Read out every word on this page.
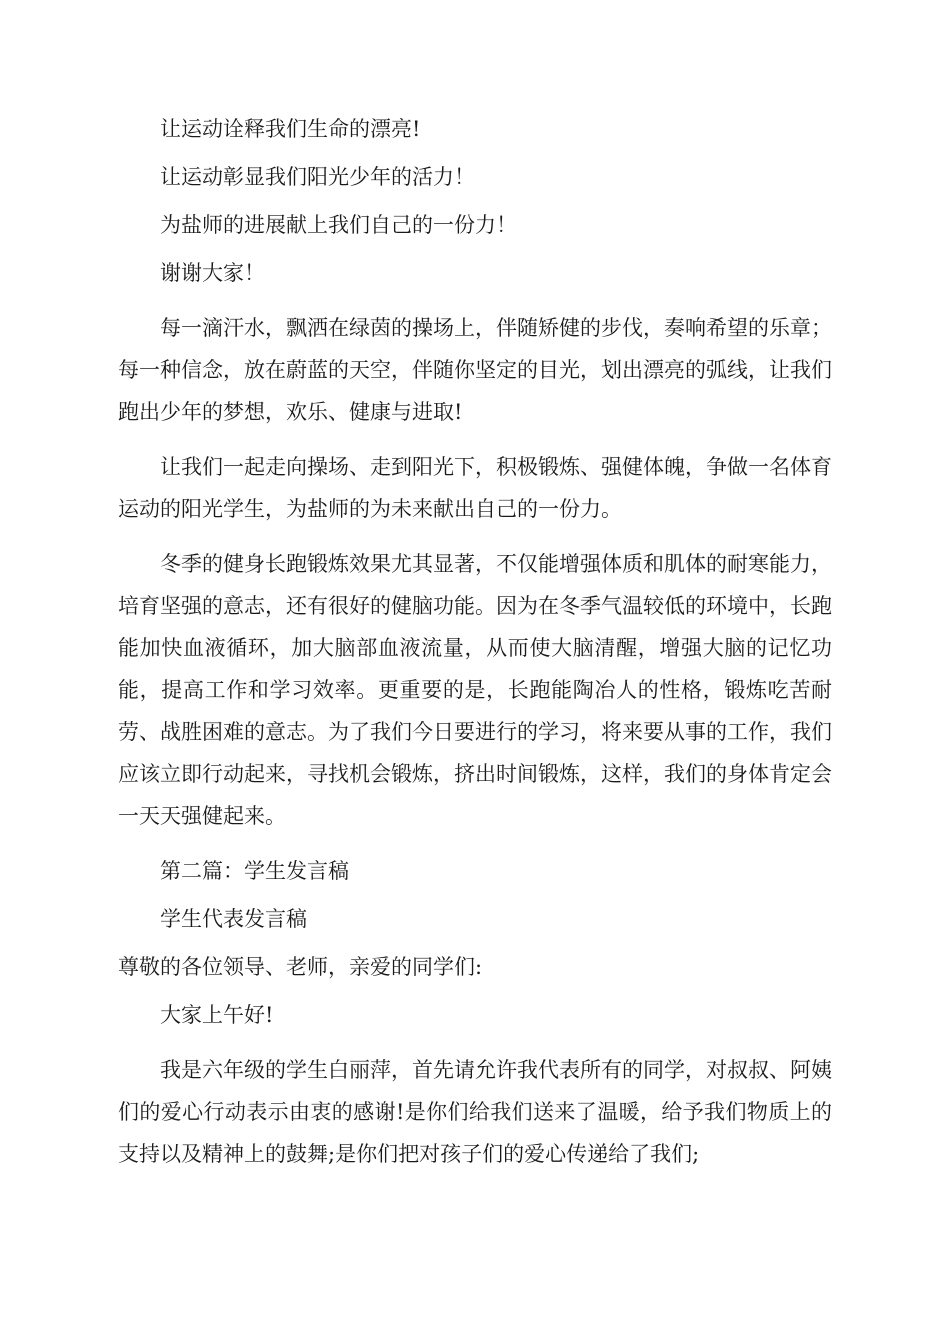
让运动诠释我们生命的漂亮!

让运动彰显我们阳光少年的活力！

为盐师的进展献上我们自己的一份力！

谢谢大家！

每一滴汗水，飘洒在绿茵的操场上，伴随矫健的步伐，奏响希望的乐章；每一种信念，放在蔚蓝的天空，伴随你坚定的目光，划出漂亮的弧线，让我们跑出少年的梦想，欢乐、健康与进取!

让我们一起走向操场、走到阳光下，积极锻炼、强健体魄，争做一名体育运动的阳光学生，为盐师的为未来献出自己的一份力。

冬季的健身长跑锻炼效果尤其显著，不仅能增强体质和肌体的耐寒能力，培育坚强的意志，还有很好的健脑功能。因为在冬季气温较低的环境中，长跑能加快血液循环，加大脑部血液流量，从而使大脑清醒，增强大脑的记忆功能，提高工作和学习效率。更重要的是，长跑能陶冶人的性格，锻炼吃苦耐劳、战胜困难的意志。为了我们今日要进行的学习，将来要从事的工作，我们应该立即行动起来，寻找机会锻炼，挤出时间锻炼，这样，我们的身体肯定会一天天强健起来。

第二篇：学生发言稿

学生代表发言稿

尊敬的各位领导、老师，亲爱的同学们:

大家上午好!

我是六年级的学生白丽萍，首先请允许我代表所有的同学，对叔叔、阿姨们的爱心行动表示由衷的感谢!是你们给我们送来了温暖，给予我们物质上的支持以及精神上的鼓舞;是你们把对孩子们的爱心传递给了我们;
